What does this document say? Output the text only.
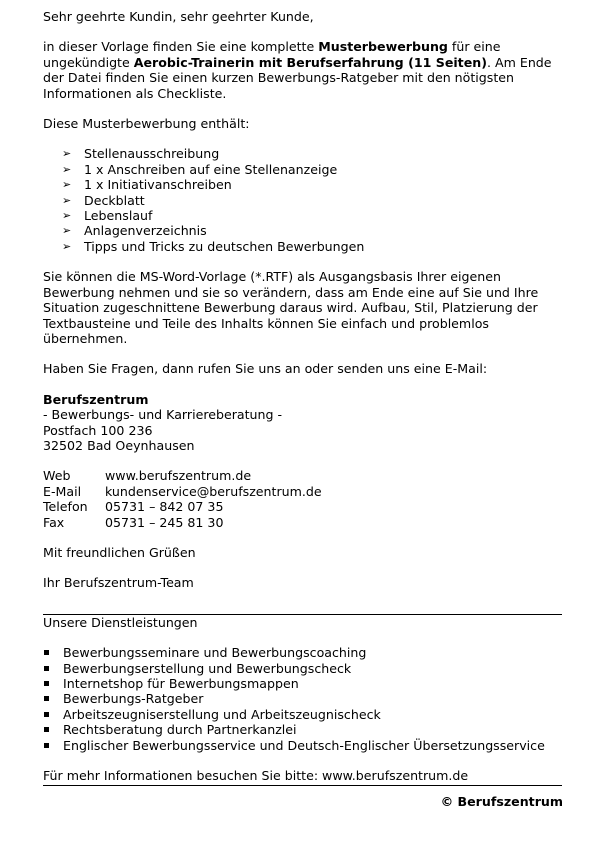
Sehr geehrte Kundin, sehr geehrter Kunde,

in dieser Vorlage finden Sie eine komplette Musterbewerbung für eine ungekündigte Aerobic-Trainerin mit Berufserfahrung (11 Seiten). Am Ende der Datei finden Sie einen kurzen Bewerbungs-Ratgeber mit den nötigsten Informationen als Checkliste.

Diese Musterbewerbung enthält:

➢ Stellenausschreibung
➢ 1 x Anschreiben auf eine Stellenanzeige
➢ 1 x Initiativanschreiben
➢ Deckblatt
➢ Lebenslauf
➢ Anlagenverzeichnis
➢ Tipps und Tricks zu deutschen Bewerbungen

Sie können die MS-Word-Vorlage (*.RTF) als Ausgangsbasis Ihrer eigenen Bewerbung nehmen und sie so verändern, dass am Ende eine auf Sie und Ihre Situation zugeschnittene Bewerbung daraus wird. Aufbau, Stil, Platzierung der Textbausteine und Teile des Inhalts können Sie einfach und problemlos übernehmen.

Haben Sie Fragen, dann rufen Sie uns an oder senden uns eine E-Mail:

Berufszentrum

- Bewerbungs- und Karriereberatung -

Postfach 100 236

32502 Bad Oeynhausen

Web	www.berufszentrum.de
E-Mail	kundenservice@berufszentrum.de
Telefon	05731 – 842 07 35
Fax	05731 – 245 81 30

Mit freundlichen Grüßen

Ihr Berufszentrum-Team

Unsere Dienstleistungen

Bewerbungsseminare und Bewerbungscoaching
Bewerbungserstellung und Bewerbungscheck
Internetshop für Bewerbungsmappen
Bewerbungs-Ratgeber
Arbeitszeugniserstellung und Arbeitszeugnischeck
Rechtsberatung durch Partnerkanzlei
Englischer Bewerbungsservice und Deutsch-Englischer Übersetzungsservice

Für mehr Informationen besuchen Sie bitte: www.berufszentrum.de

© Berufszentrum
